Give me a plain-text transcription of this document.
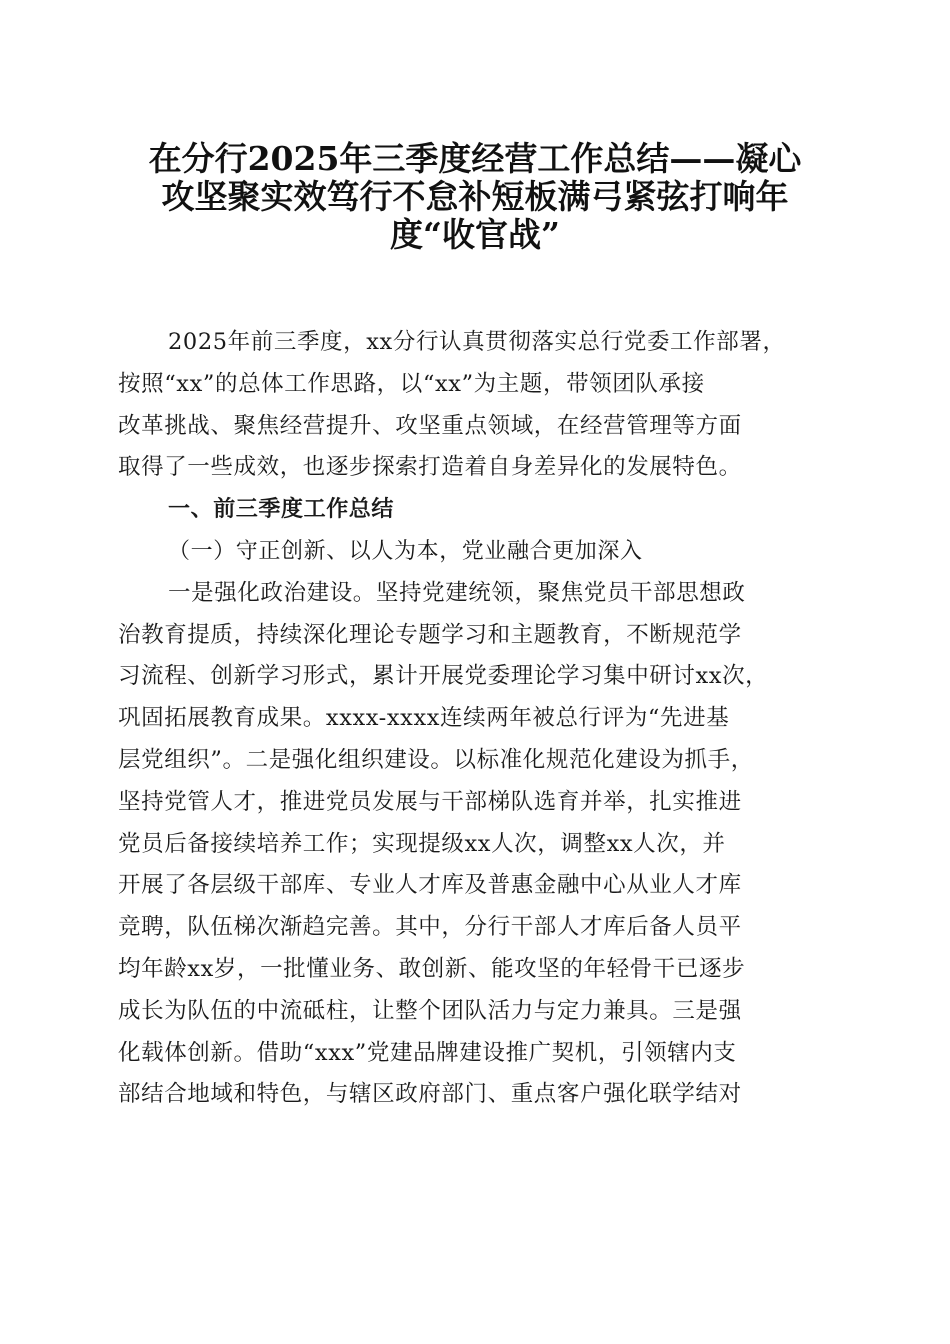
在分行2025年三季度经营工作总结——凝心
攻坚聚实效笃行不怠补短板满弓紧弦打响年
度“收官战”
2025年前三季度，xx分行认真贯彻落实总行党委工作部署，
按照“xx”的总体工作思路，以“xx”为主题，带领团队承接
改革挑战、聚焦经营提升、攻坚重点领域，在经营管理等方面
取得了一些成效，也逐步探索打造着自身差异化的发展特色。
一、前三季度工作总结
（一）守正创新、以人为本，党业融合更加深入
一是强化政治建设。坚持党建统领，聚焦党员干部思想政
治教育提质，持续深化理论专题学习和主题教育，不断规范学
习流程、创新学习形式，累计开展党委理论学习集中研讨xx次，
巩固拓展教育成果。xxxx-xxxx连续两年被总行评为“先进基
层党组织”。二是强化组织建设。以标准化规范化建设为抓手，
坚持党管人才，推进党员发展与干部梯队选育并举，扎实推进
党员后备接续培养工作；实现提级xx人次，调整xx人次，并
开展了各层级干部库、专业人才库及普惠金融中心从业人才库
竞聘，队伍梯次渐趋完善。其中，分行干部人才库后备人员平
均年龄xx岁，一批懂业务、敢创新、能攻坚的年轻骨干已逐步
成长为队伍的中流砥柱，让整个团队活力与定力兼具。三是强
化载体创新。借助“xxx”党建品牌建设推广契机，引领辖内支
部结合地域和特色，与辖区政府部门、重点客户强化联学结对
